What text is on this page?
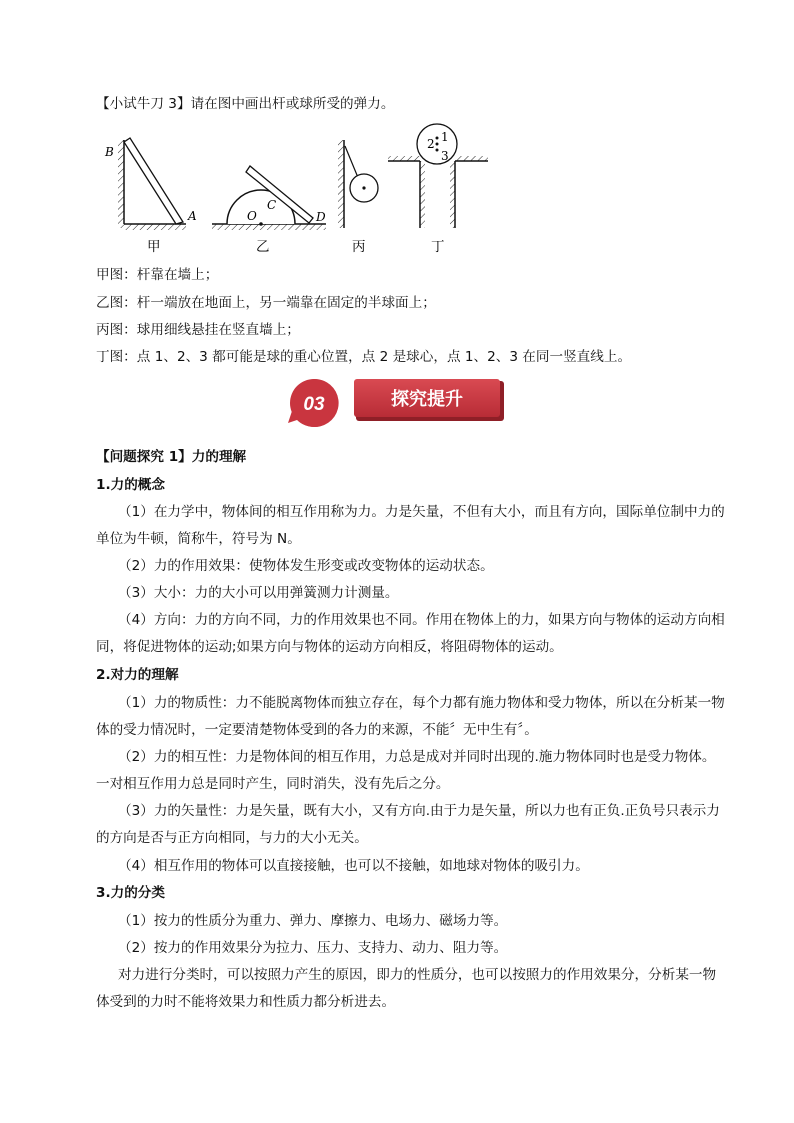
【小试牛刀 3】请在图中画出杆或球所受的弹力。
B
A	O
C
D
1
2
3
甲	乙	丙	丁
甲图：杆靠在墙上；
乙图：杆一端放在地面上，另一端靠在固定的半球面上；
丙图：球用细线悬挂在竖直墙上；
丁图：点 1、2、3 都可能是球的重心位置，点 2 是球心，点 1、2、3 在同一竖直线上。
03	探究提升
【问题探究 1】力的理解
1.力的概念
（1）在力学中，物体间的相互作用称为力。力是矢量，不但有大小，而且有方向，国际单位制中力的
单位为牛顿，简称牛，符号为 N。
（2）力的作用效果：使物体发生形变或改变物体的运动状态。
（3）大小：力的大小可以用弹簧测力计测量。
（4）方向：力的方向不同，力的作用效果也不同。作用在物体上的力，如果方向与物体的运动方向相
同，将促进物体的运动;如果方向与物体的运动方向相反，将阻碍物体的运动。
2.对力的理解
（1）力的物质性：力不能脱离物体而独立存在，每个力都有施力物体和受力物体，所以在分析某一物
体的受力情况时，一定要清楚物体受到的各力的来源，不能〞无中生有〞。
（2）力的相互性：力是物体间的相互作用，力总是成对并同时出现的.施力物体同时也是受力物体。
一对相互作用力总是同时产生，同时消失，没有先后之分。
（3）力的矢量性：力是矢量，既有大小，又有方向.由于力是矢量，所以力也有正负.正负号只表示力
的方向是否与正方向相同，与力的大小无关。
（4）相互作用的物体可以直接接触，也可以不接触，如地球对物体的吸引力。
3.力的分类
（1）按力的性质分为重力、弹力、摩擦力、电场力、磁场力等。
（2）按力的作用效果分为拉力、压力、支持力、动力、阻力等。
对力进行分类时，可以按照力产生的原因，即力的性质分，也可以按照力的作用效果分，分析某一物
体受到的力时不能将效果力和性质力都分析进去。
